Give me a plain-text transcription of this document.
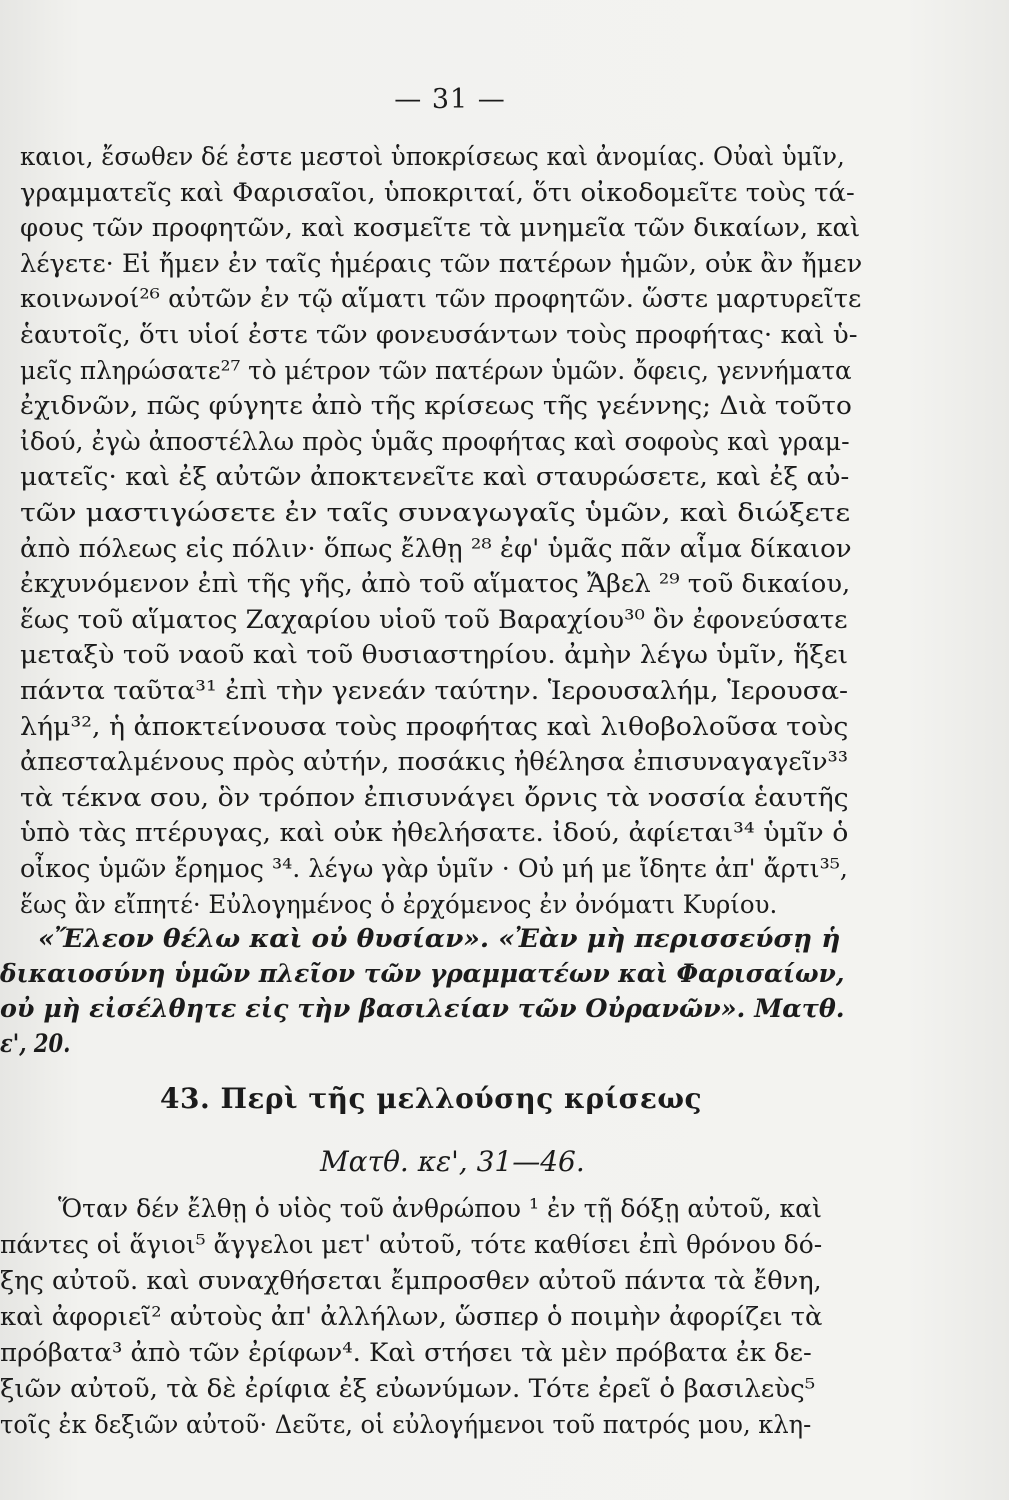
— 31 —
καιοι, ἔσωθεν δέ ἐστε μεστοὶ ὑποκρίσεως καὶ ἀνομίας. Οὐαὶ ὑμῖν,
γραμματεῖς καὶ Φαρισαῖοι, ὑποκριταί, ὅτι οἰκοδομεῖτε τοὺς τά-
φους τῶν προφητῶν, καὶ κοσμεῖτε τὰ μνημεῖα τῶν δικαίων, καὶ
λέγετε· Εἰ ἤμεν ἐν ταῖς ἡμέραις τῶν πατέρων ἡμῶν, οὐκ ἂν ἤμεν
κοινωνοί²⁶ αὐτῶν ἐν τῷ αἵματι τῶν προφητῶν. ὥστε μαρτυρεῖτε
ἑαυτοῖς, ὅτι υἱοί ἐστε τῶν φονευσάντων τοὺς προφήτας· καὶ ὑ-
μεῖς πληρώσατε²⁷ τὸ μέτρον τῶν πατέρων ὑμῶν. ὄφεις, γεννήματα
ἐχιδνῶν, πῶς φύγητε ἀπὸ τῆς κρίσεως τῆς γεέννης; Διὰ τοῦτο
ἰδού, ἐγὼ ἀποστέλλω πρὸς ὑμᾶς προφήτας καὶ σοφοὺς καὶ γραμ-
ματεῖς· καὶ ἐξ αὐτῶν ἀποκτενεῖτε καὶ σταυρώσετε, καὶ ἐξ αὐ-
τῶν μαστιγώσετε ἐν ταῖς συναγωγαῖς ὑμῶν, καὶ διώξετε
ἀπὸ πόλεως εἰς πόλιν· ὅπως ἔλθῃ ²⁸ ἐφ' ὑμᾶς πᾶν αἷμα δίκαιον
ἐκχυνόμενον ἐπὶ τῆς γῆς, ἀπὸ τοῦ αἵματος Ἄβελ ²⁹ τοῦ δικαίου,
ἕως τοῦ αἵματος Ζαχαρίου υἱοῦ τοῦ Βαραχίου³⁰ ὃν ἐφονεύσατε
μεταξὺ τοῦ ναοῦ καὶ τοῦ θυσιαστηρίου. ἀμὴν λέγω ὑμῖν, ἥξει
πάντα ταῦτα³¹ ἐπὶ τὴν γενεάν ταύτην. Ἱερουσαλήμ, Ἱερουσα-
λήμ³², ἡ ἀποκτείνουσα τοὺς προφήτας καὶ λιθοβολοῦσα τοὺς
ἀπεσταλμένους πρὸς αὐτήν, ποσάκις ἠθέλησα ἐπισυναγαγεῖν³³
τὰ τέκνα σου, ὃν τρόπον ἐπισυνάγει ὄρνις τὰ νοσσία ἑαυτῆς
ὑπὸ τὰς πτέρυγας, καὶ οὐκ ἠθελήσατε. ἰδού, ἀφίεται³⁴ ὑμῖν ὁ
οἶκος ὑμῶν ἔρημος ³⁴. λέγω γὰρ ὑμῖν · Οὐ μή με ἴδητε ἀπ' ἄρτι³⁵,
ἕως ἂν εἴπητέ· Εὐλογημένος ὁ ἐρχόμενος ἐν ὀνόματι Κυρίου.
«Ἔλεον θέλω καὶ οὐ θυσίαν». «Ἐὰν μὴ περισσεύσῃ ἡ
δικαιοσύνη ὑμῶν πλεῖον τῶν γραμματέων καὶ Φαρισαίων,
οὐ μὴ εἰσέλθητε εἰς τὴν βασιλείαν τῶν Οὐρανῶν». Ματθ.
ε', 20.
Ὅταν δέν ἔλθῃ ὁ υἱὸς τοῦ ἀνθρώπου ¹ ἐν τῇ δόξῃ αὐτοῦ, καὶ
πάντες οἱ ἅγιοι⁵ ἄγγελοι μετ' αὐτοῦ, τότε καθίσει ἐπὶ θρόνου δό-
ξης αὐτοῦ. καὶ συναχθήσεται ἔμπροσθεν αὐτοῦ πάντα τὰ ἔθνη,
καὶ ἀφοριεῖ² αὐτοὺς ἀπ' ἀλλήλων, ὥσπερ ὁ ποιμὴν ἀφορίζει τὰ
πρόβατα³ ἀπὸ τῶν ἐρίφων⁴. Καὶ στήσει τὰ μὲν πρόβατα ἐκ δε-
ξιῶν αὐτοῦ, τὰ δὲ ἐρίφια ἐξ εὐωνύμων. Τότε ἐρεῖ ὁ βασιλεὺς⁵
τοῖς ἐκ δεξιῶν αὐτοῦ· Δεῦτε, οἱ εὐλογήμενοι τοῦ πατρός μου, κλη-
43. Περὶ τῆς μελλούσης κρίσεως
Ματθ. κε', 31—46.
